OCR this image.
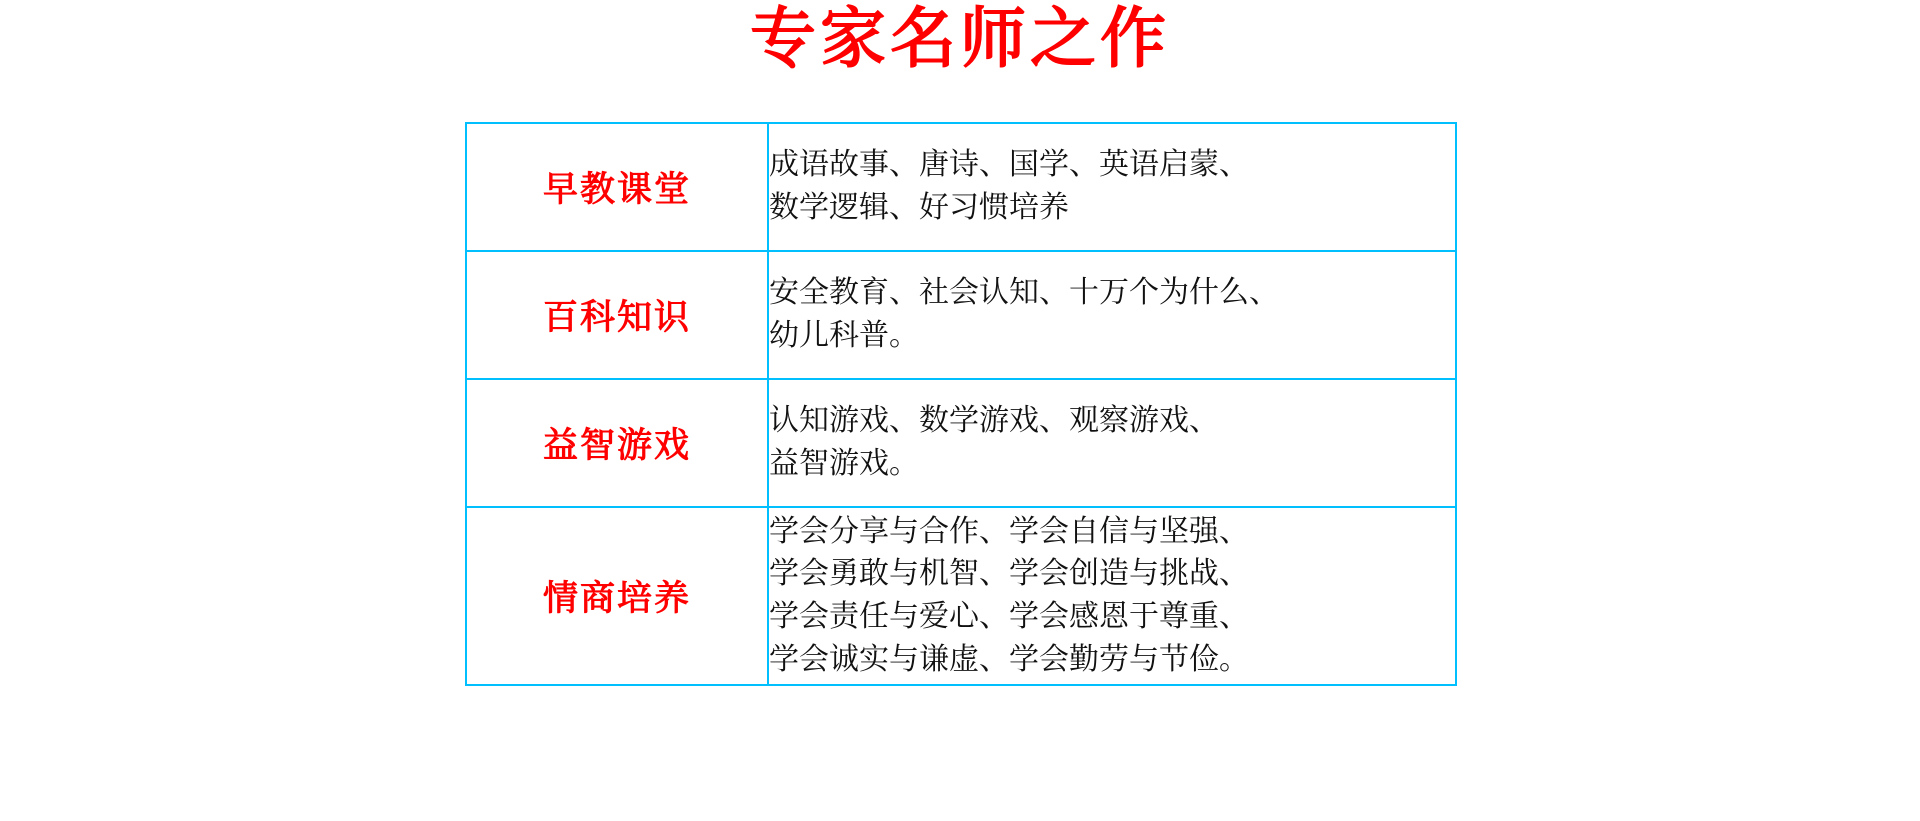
专家名师之作
早教课堂	成语故事、唐诗、国学、英语启蒙、
数学逻辑、好习惯培养

百科知识	安全教育、社会认知、十万个为什么、
幼儿科普。

益智游戏	认知游戏、数学游戏、观察游戏、
益智游戏。

情商培养	学会分享与合作、学会自信与坚强、
学会勇敢与机智、学会创造与挑战、
学会责任与爱心、学会感恩于尊重、
学会诚实与谦虚、学会勤劳与节俭。
